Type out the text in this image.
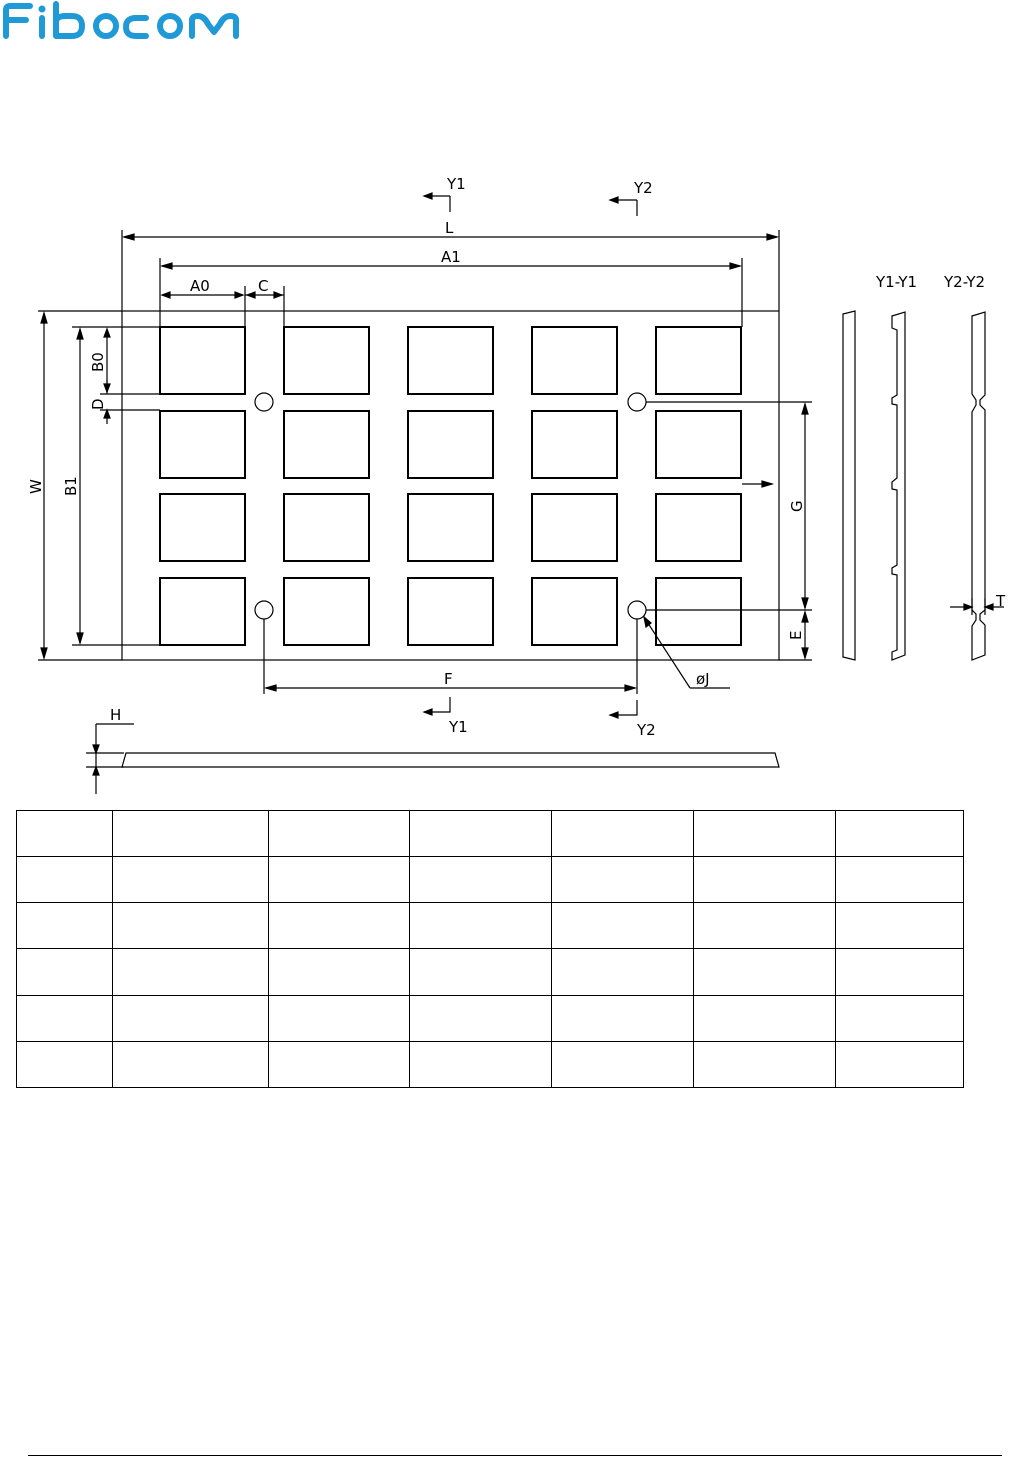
L
A1
A0	C
B0
D
W B1
G
E
F	øJ
Y1	Y2
Y1	Y2
Y1-Y1 Y2-Y2
T
H
